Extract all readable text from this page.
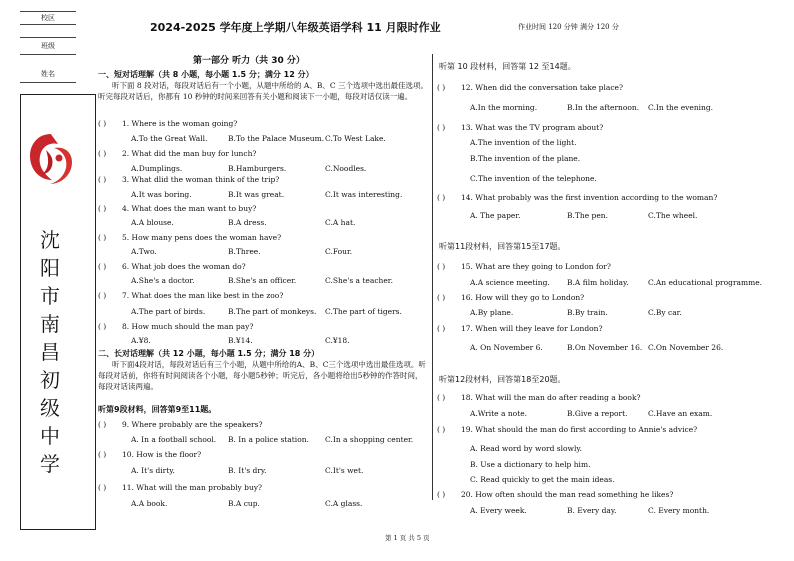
校区
班级
姓名
沈
阳
市
南
昌
初
级
中
学
2024-2025 学年度上学期八年级英语学科 11 月限时作业	作业时间 120 分钟 满分 120 分
第一部分 听力（共 30 分）
一、短对话理解（共 8 小题，每小题 1.5 分；满分 12 分）
听下面 8 段对话，每段对话后有一个小题，从题中所给的 A、B、C 三个选项中选出最佳选项。听完每段对话后，你都有 10 秒钟的时间来回答有关小题和阅读下一小题，每段对话仅读一遍。
( ) 1. Where is the woman going?
A.To the Great Wall.	B.To the Palace Museum. C.To West Lake.
( ) 2. What did the man buy for lunch?
A.Dumplings.	B.Hamburgers.	C.Noodles.
( ) 3. What dlid the woman think of the trip?
A.It was boring.	B.It was great.	C.It was interesting.
( ) 4. What does the man want to buy?
A.A blouse.	B.A dress.	C.A hat.
( ) 5. How many pens does the woman have?
A.Two.	B.Three.	C.Four.
( ) 6. What job does the woman do?
A.She's a doctor.	B.She's an officer.	C.She's a teacher.
( ) 7. What does the man like best in the zoo?
A.The part of birds.	B.The part of monkeys. C.The part of tigers.
( ) 8. How much should the man pay?
A.¥8.	B.¥14.	C.¥18.
二、长对话理解（共 12 小题，每小题 1.5 分；满分 18 分）
听下面4段对话，每段对话后有三个小题，从题中所给的A、B、C三个选项中选出最佳选项。听每段对话前，你将有时间阅读各个小题，每小题5秒钟；听完后，各小题将给出5秒钟的作答时间，每段对话读两遍。
听第9段材料，回答第9至11题。
( ) 9. Where probably are the speakers?
A. In a football school. B. In a police station. C.In a shopping center.
( ) 10. How is the floor?
A. It's dirty.	B. It's dry.	C.It's wet.
( ) 11. What will the man probably buy?
A.A book.	B.A cup.	C.A glass.
听第 10 段材料，回答第 12 至14题。
( ) 12. When did the conversation take place?
A.In the morning.	B.In the afternoon. C.In the evening.
( ) 13. What was the TV program about?
A.The invention of the light.
B.The invention of the plane.
C.The invention of the telephone.
( ) 14. What probably was the first invention according to the woman?
A. The paper.	B.The pen.	C.The wheel.
听第11段材料，回答第15至17题。
( ) 15. What are they going to London for?
A.A science meeting. B.A film holiday.	C.An educational programme.
( ) 16. How will they go to London?
A.By plane.	B.By train.	C.By car.
( ) 17. When will they leave for London?
A. On November 6.	B.On November 16. C.On November 26.
听第12段材料，回答第18至20题。
( ) 18. What will the man do after reading a book?
A.Write a note.	B.Give a report.	C.Have an exam.
( ) 19. What should the man do first according to Annie's advice?
A. Read word by word slowly.
B. Use a dictionary to help him.
C. Read quickly to get the main ideas.
( ) 20. How often should the man read something he likes?
A. Every week.	B. Every day.	C. Every month.
第 1 页 共 5 页
